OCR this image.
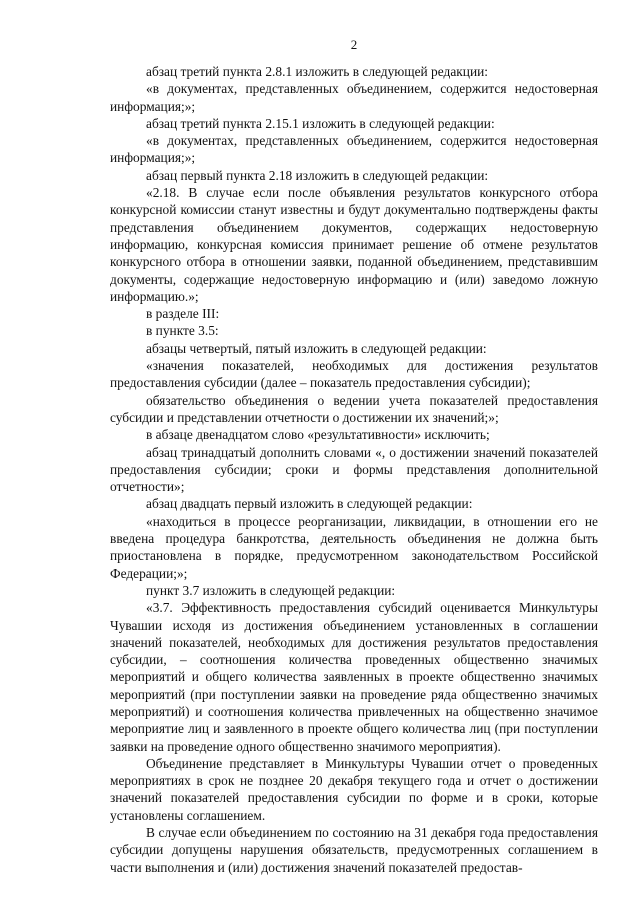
2

абзац третий пункта 2.8.1 изложить в следующей редакции:

«в документах, представленных объединением, содержится недостоверная информация;»;

абзац третий пункта 2.15.1 изложить в следующей редакции:

«в документах, представленных объединением, содержится недостоверная информация;»;

абзац первый пункта 2.18 изложить в следующей редакции:

«2.18. В случае если после объявления результатов конкурсного отбора конкурсной комиссии станут известны и будут документально подтверждены факты представления объединением документов, содержащих недостоверную информацию, конкурсная комиссия принимает решение об отмене результатов конкурсного отбора в отношении заявки, поданной объединением, представившим документы, содержащие недостоверную информацию и (или) заведомо ложную информацию.»;

в разделе III:

в пункте 3.5:

абзацы четвертый, пятый изложить в следующей редакции:

«значения показателей, необходимых для достижения результатов предоставления субсидии (далее – показатель предоставления субсидии);

обязательство объединения о ведении учета показателей предоставления субсидии и представлении отчетности о достижении их значений;»;

в абзаце двенадцатом слово «результативности» исключить;

абзац тринадцатый дополнить словами «, о достижении значений показателей предоставления субсидии; сроки и формы представления дополнительной отчетности»;

абзац двадцать первый изложить в следующей редакции:

«находиться в процессе реорганизации, ликвидации, в отношении его не введена процедура банкротства, деятельность объединения не должна быть приостановлена в порядке, предусмотренном законодательством Российской Федерации;»;

пункт 3.7 изложить в следующей редакции:

«3.7. Эффективность предоставления субсидий оценивается Минкультуры Чувашии исходя из достижения объединением установленных в соглашении значений показателей, необходимых для достижения результатов предоставления субсидии, – соотношения количества проведенных общественно значимых мероприятий и общего количества заявленных в проекте общественно значимых мероприятий (при поступлении заявки на проведение ряда общественно значимых мероприятий) и соотношения количества привлеченных на общественно значимое мероприятие лиц и заявленного в проекте общего количества лиц (при поступлении заявки на проведение одного общественно значимого мероприятия).

Объединение представляет в Минкультуры Чувашии отчет о проведенных мероприятиях в срок не позднее 20 декабря текущего года и отчет о достижении значений показателей предоставления субсидии по форме и в сроки, которые установлены соглашением.

В случае если объединением по состоянию на 31 декабря года предоставления субсидии допущены нарушения обязательств, предусмотренных соглашением в части выполнения и (или) достижения значений показателей предостав-
